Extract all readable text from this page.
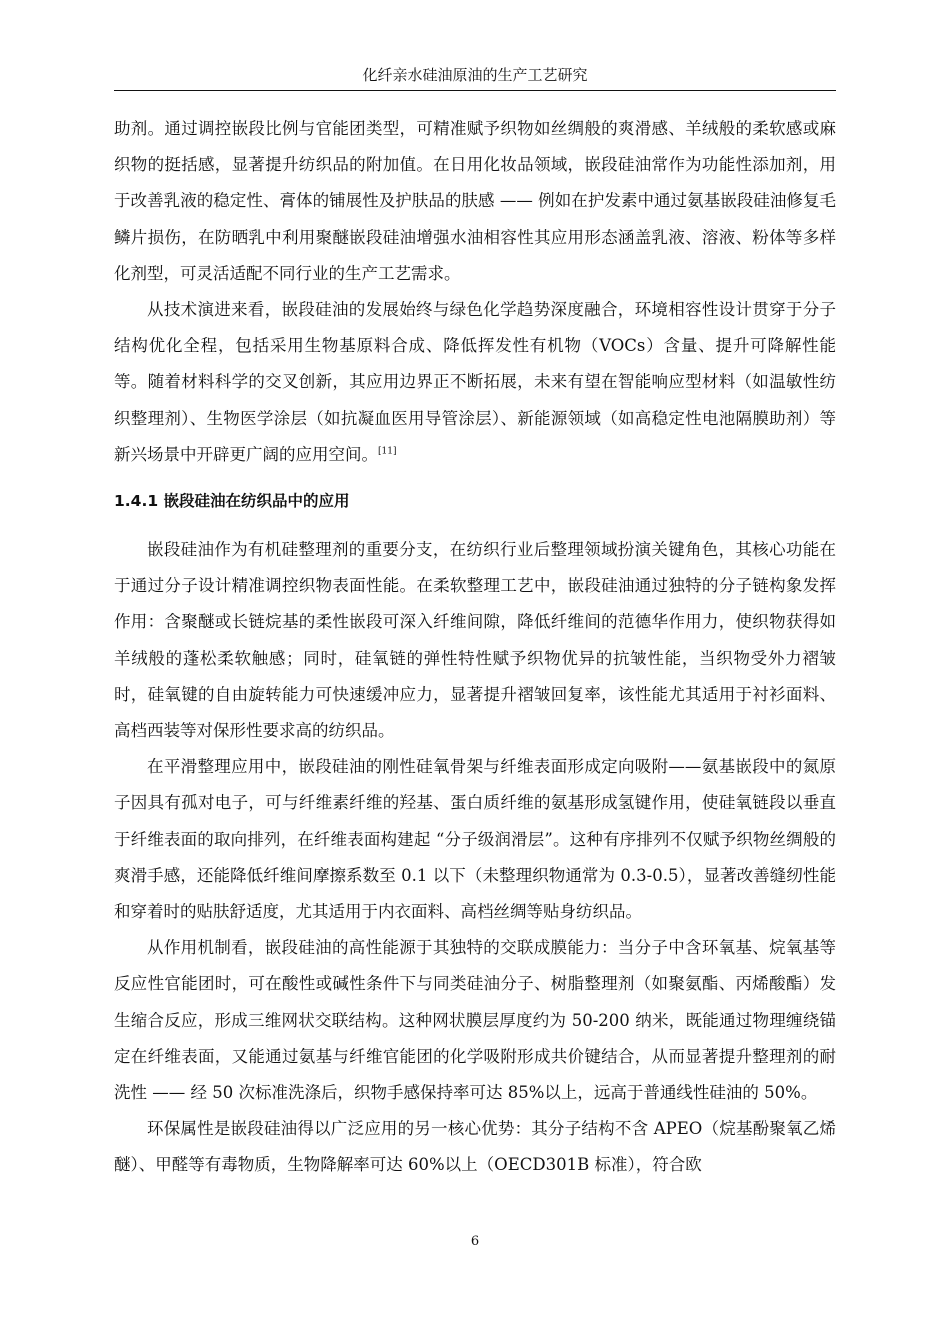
化纤亲水硅油原油的生产工艺研究

助剂。通过调控嵌段比例与官能团类型，可精准赋予织物如丝绸般的爽滑感、羊绒般的柔软感或麻织物的挺括感，显著提升纺织品的附加值。在日用化妆品领域，嵌段硅油常作为功能性添加剂，用于改善乳液的稳定性、膏体的铺展性及护肤品的肤感 —— 例如在护发素中通过氨基嵌段硅油修复毛鳞片损伤，在防晒乳中利用聚醚嵌段硅油增强水油相容性其应用形态涵盖乳液、溶液、粉体等多样化剂型，可灵活适配不同行业的生产工艺需求。

从技术演进来看，嵌段硅油的发展始终与绿色化学趋势深度融合，环境相容性设计贯穿于分子结构优化全程，包括采用生物基原料合成、降低挥发性有机物（VOCs）含量、提升可降解性能等。随着材料科学的交叉创新，其应用边界正不断拓展，未来有望在智能响应型材料（如温敏性纺织整理剂）、生物医学涂层（如抗凝血医用导管涂层）、新能源领域（如高稳定性电池隔膜助剂）等新兴场景中开辟更广阔的应用空间。[11]

1.4.1 嵌段硅油在纺织品中的应用

嵌段硅油作为有机硅整理剂的重要分支，在纺织行业后整理领域扮演关键角色，其核心功能在于通过分子设计精准调控织物表面性能。在柔软整理工艺中，嵌段硅油通过独特的分子链构象发挥作用：含聚醚或长链烷基的柔性嵌段可深入纤维间隙，降低纤维间的范德华作用力，使织物获得如羊绒般的蓬松柔软触感；同时，硅氧链的弹性特性赋予织物优异的抗皱性能，当织物受外力褶皱时，硅氧键的自由旋转能力可快速缓冲应力，显著提升褶皱回复率，该性能尤其适用于衬衫面料、高档西装等对保形性要求高的纺织品。

在平滑整理应用中，嵌段硅油的刚性硅氧骨架与纤维表面形成定向吸附——氨基嵌段中的氮原子因具有孤对电子，可与纤维素纤维的羟基、蛋白质纤维的氨基形成氢键作用，使硅氧链段以垂直于纤维表面的取向排列，在纤维表面构建起 “分子级润滑层”。这种有序排列不仅赋予织物丝绸般的爽滑手感，还能降低纤维间摩擦系数至 0.1 以下（未整理织物通常为 0.3-0.5），显著改善缝纫性能和穿着时的贴肤舒适度，尤其适用于内衣面料、高档丝绸等贴身纺织品。

从作用机制看，嵌段硅油的高性能源于其独特的交联成膜能力：当分子中含环氧基、烷氧基等反应性官能团时，可在酸性或碱性条件下与同类硅油分子、树脂整理剂（如聚氨酯、丙烯酸酯）发生缩合反应，形成三维网状交联结构。这种网状膜层厚度约为 50-200 纳米，既能通过物理缠绕锚定在纤维表面，又能通过氨基与纤维官能团的化学吸附形成共价键结合，从而显著提升整理剂的耐洗性 —— 经 50 次标准洗涤后，织物手感保持率可达 85%以上，远高于普通线性硅油的 50%。

环保属性是嵌段硅油得以广泛应用的另一核心优势：其分子结构不含 APEO（烷基酚聚氧乙烯醚）、甲醛等有毒物质，生物降解率可达 60%以上（OECD301B 标准），符合欧

6
